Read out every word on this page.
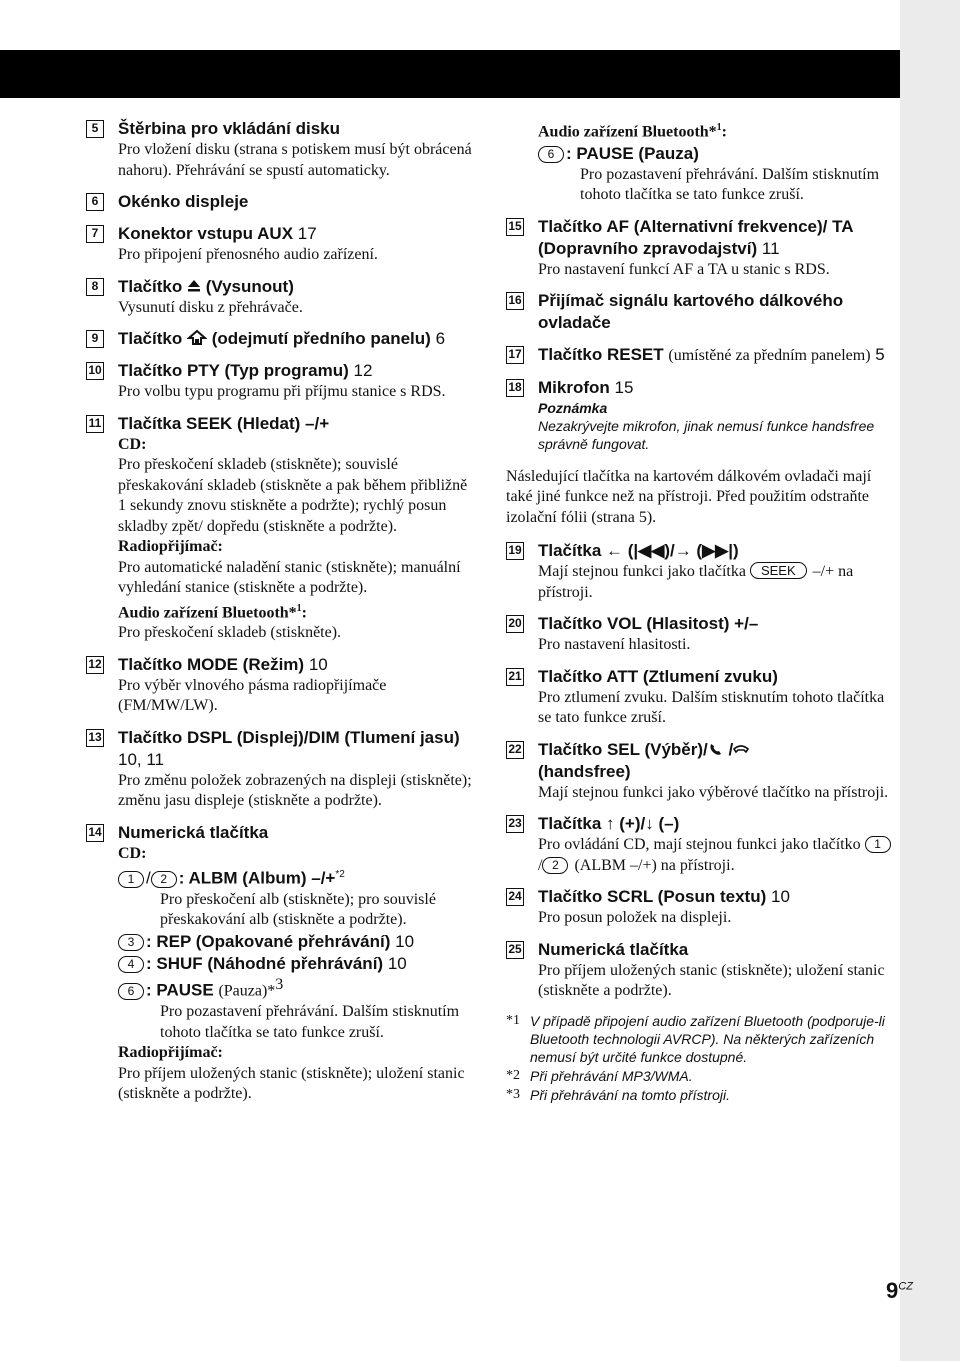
5	Štěrbina pro vkládání disku
Pro vložení disku (strana s potiskem musí být obrácená nahoru). Přehrávání se spustí automaticky.
6	Okénko displeje
7	Konektor vstupu AUX 17
Pro připojení přenosného audio zařízení.
8	Tlačítko (Vysunout)
Vysunutí disku z přehrávače.
9	Tlačítko (odejmutí předního panelu) 6
10 Tlačítko PTY (Typ programu) 12
Pro volbu typu programu při příjmu stanice s RDS.
11 Tlačítka SEEK (Hledat) –/+
CD:
Pro přeskočení skladeb (stiskněte); souvislé přeskakování skladeb (stiskněte a pak během přibližně 1 sekundy znovu stiskněte a podržte); rychlý posun skladby zpět/ dopředu (stiskněte a podržte).
Radiopřijímač:
Pro automatické naladění stanic (stiskněte); manuální vyhledání stanice (stiskněte a podržte).
Audio zařízení Bluetooth*$^1$:
Pro přeskočení skladeb (stiskněte).
12 Tlačítko MODE (Režim) 10
Pro výběr vlnového pásma radiopřijímače (FM/MW/LW).
13 Tlačítko DSPL (Displej)/DIM (Tlumení jasu) 10, 11
Pro změnu položek zobrazených na displeji (stiskněte); změnu jasu displeje (stiskněte a podržte).
14 Numerická tlačítka
CD:
1 / 2 : ALBM (Album) –/+$^{*2}$
Pro přeskočení alb (stiskněte); pro souvislé přeskakování alb (stiskněte a podržte).
3 : REP (Opakované přehrávání) 10
4 : SHUF (Náhodné přehrávání) 10
6 : PAUSE (Pauza)*$^3$
Pro pozastavení přehrávání. Dalším stisknutím tohoto tlačítka se tato funkce zruší.
Radiopřijímač:
Pro příjem uložených stanic (stiskněte); uložení stanic (stiskněte a podržte).
Audio zařízení Bluetooth*$^1$:
6 : PAUSE (Pauza)
Pro pozastavení přehrávání. Dalším stisknutím tohoto tlačítka se tato funkce zruší.
15 Tlačítko AF (Alternativní frekvence)/ TA (Dopravního zpravodajství) 11
Pro nastavení funkcí AF a TA u stanic s RDS.
16 Přijímač signálu kartového dálkového ovladače
17 Tlačítko RESET (umístěné za předním panelem) 5
18 Mikrofon 15
Poznámka
Nezakrývejte mikrofon, jinak nemusí funkce handsfree správně fungovat.
Následující tlačítka na kartovém dálkovém ovladači mají také jiné funkce než na přístroji. Před použitím odstraňte izolační fólii (strana 5).
19 Tlačítka ← (|◀◀)/→ (▶▶|)
Mají stejnou funkci jako tlačítka SEEK –/+ na přístroji.
20 Tlačítko VOL (Hlasitost) +/–
Pro nastavení hlasitosti.
21 Tlačítko ATT (Ztlumení zvuku)
Pro ztlumení zvuku. Dalším stisknutím tohoto tlačítka se tato funkce zruší.
22 Tlačítko SEL (Výběr)/ /
(handsfree)
Mají stejnou funkci jako výběrové tlačítko na přístroji.
23 Tlačítka ↑ (+)/↓ (–)
Pro ovládání CD, mají stejnou funkci jako tlačítko 1/ 2 (ALBM –/+) na přístroji.
24 Tlačítko SCRL (Posun textu) 10
Pro posun položek na displeji.
25 Numerická tlačítka
Pro příjem uložených stanic (stiskněte); uložení stanic (stiskněte a podržte).
*1 V případě připojení audio zařízení Bluetooth (podporuje-li Bluetooth technologii AVRCP). Na některých zařízeních nemusí být určité funkce dostupné.
*2 Při přehrávání MP3/WMA.
*3 Při přehrávání na tomto přístroji.
$9^{CZ}$
